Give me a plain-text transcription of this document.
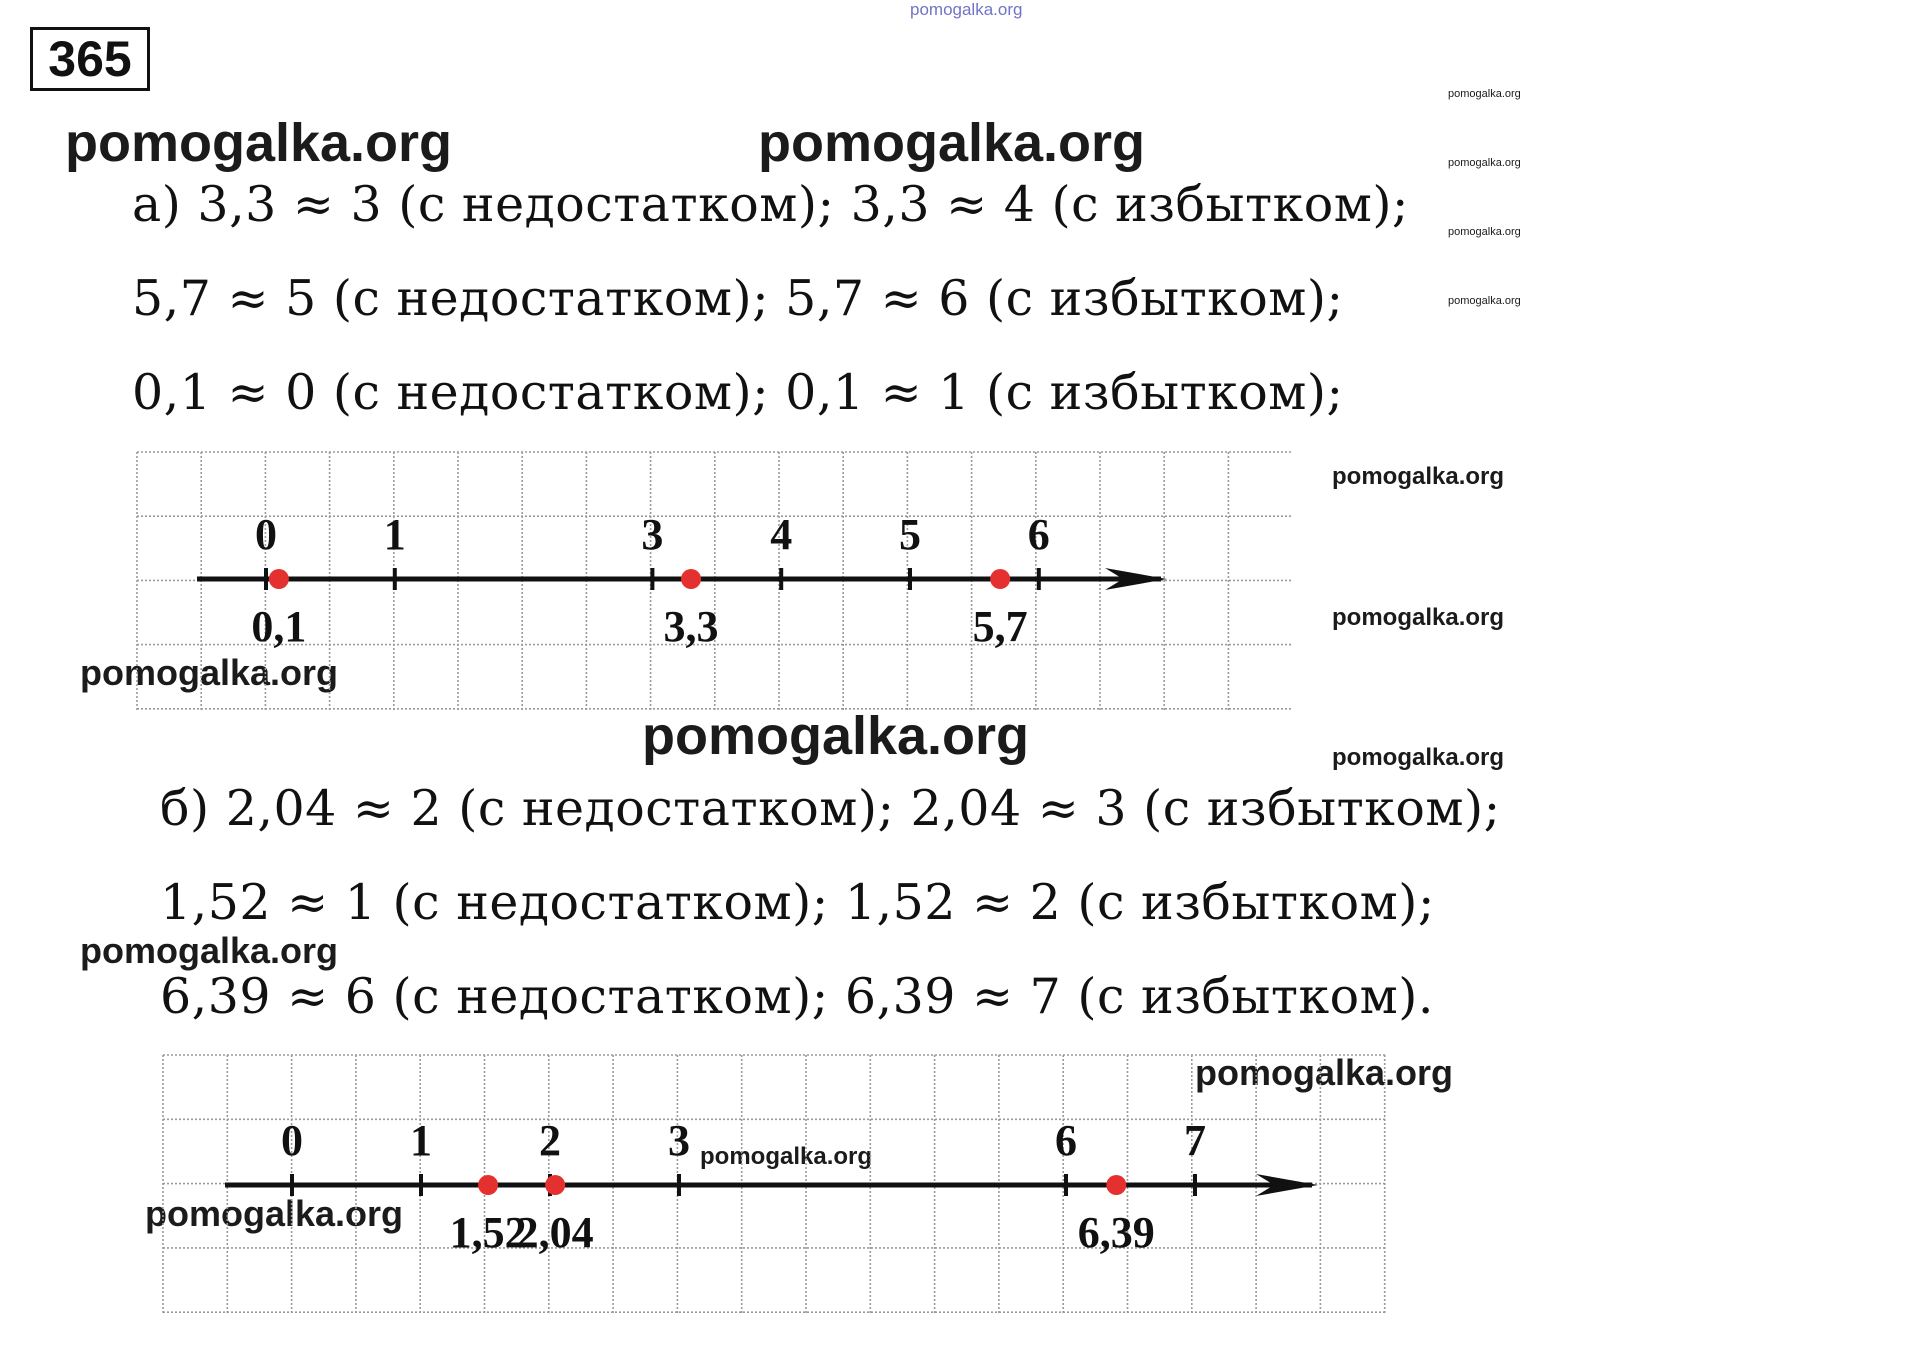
365
pomogalka.org
pomogalka.org	pomogalka.org
pomogalka.org
pomogalka.org
pomogalka.org
pomogalka.org
pomogalka.org
pomogalka.org
pomogalka.org
pomogalka.org	pomogalka.org
pomogalka.org
pomogalka.org
pomogalka.org
pomogalka.org
а) 3,3 ≈ 3 (с недостатком); 3,3 ≈ 4 (с избытком);
5,7 ≈ 5 (с недостатком); 5,7 ≈ 6 (с избытком);
0,1 ≈ 0 (с недостатком); 0,1 ≈ 1 (с избытком);
0 1	3 4 5 6
0,1	3,3	5,7
б) 2,04 ≈ 2 (с недостатком); 2,04 ≈ 3 (с избытком);
1,52 ≈ 1 (с недостатком); 1,52 ≈ 2 (с избытком);
6,39 ≈ 6 (с недостатком); 6,39 ≈ 7 (с избытком).
0 1 2 3	6 7
1,52
2,04	6,39
